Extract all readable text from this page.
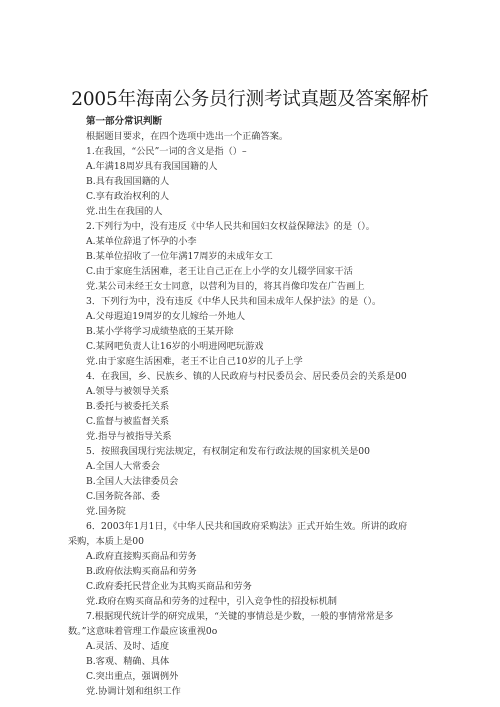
2005年海南公务员行测考试真题及答案解析
第一部分常识判断
根据题目要求，在四个选项中选出一个正确答案。
1.在我国，“公民”一词的含义是指（）–
A.年满18周岁具有我国国籍的人
B.具有我国国籍的人
C.享有政治权利的人
党.出生在我国的人
2.下列行为中，没有违反《中华人民共和国妇女权益保障法》的是（）。
A.某单位辞退了怀孕的小李
B.某单位招收了一位年满17周岁的未成年女工
C.由于家庭生活困难，老王让自己正在上小学的女儿辍学回家干活
党.某公司未经王女士同意，以营利为目的，将其肖像印发在广告画上
3．下列行为中，没有违反《中华人民共和国未成年人保护法》的是（）。
A.父母遐迫19周岁的女儿嫁给一外地人
B.某小学将学习成绩垫底的王某开除
C.某网吧负责人让16岁的小明进网吧玩游戏
党.由于家庭生活困难，老王不让自己10岁的儿子上学
4．在我国，乡、民族乡、镇的人民政府与村民委员会、居民委员会的关系是00
A.领导与被领导关系
B.委托与被委托关系
C.监督与被监督关系
党.指导与被指导关系
5．按照我国现行宪法规定，有权制定和发布行政法规的国家机关是00
A.全国人大常委会
B.全国人大法律委员会
C.国务院各部、委
党.国务院
6．2003年1月1日，《中华人民共和国政府采购法》正式开始生效。所讲的政府
采购，本质上是00
A.政府直接购买商品和劳务
B.政府依法购买商品和劳务
C.政府委托民营企业为其购买商品和劳务
党.政府在购买商品和劳务的过程中，引入竞争性的招投标机制
7.根据现代统计学的研究成果，“关键的事情总是少数，一般的事情常常是多
数。”这意味着管理工作最应该重视0o
A.灵活、及时、适度
B.客观、精确、具体
C.突出重点，强调例外
党.协调计划和组织工作
